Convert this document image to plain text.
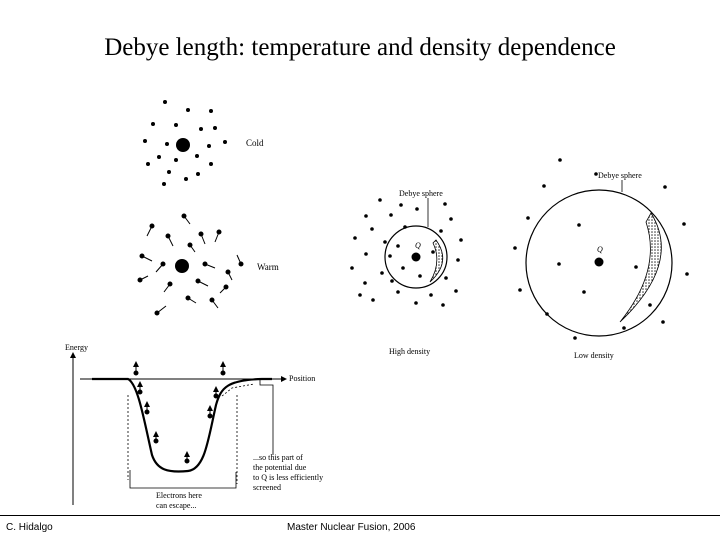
Debye length: temperature and density dependence
Cold
Warm
Q
Debye sphere
High density
Q
Debye sphere
Low density
Energy
Position
...so this part of
the potential due
to Q is less efficiently
screened
Electrons here
can escape...
C. Hidalgo	Master Nuclear Fusion, 2006
